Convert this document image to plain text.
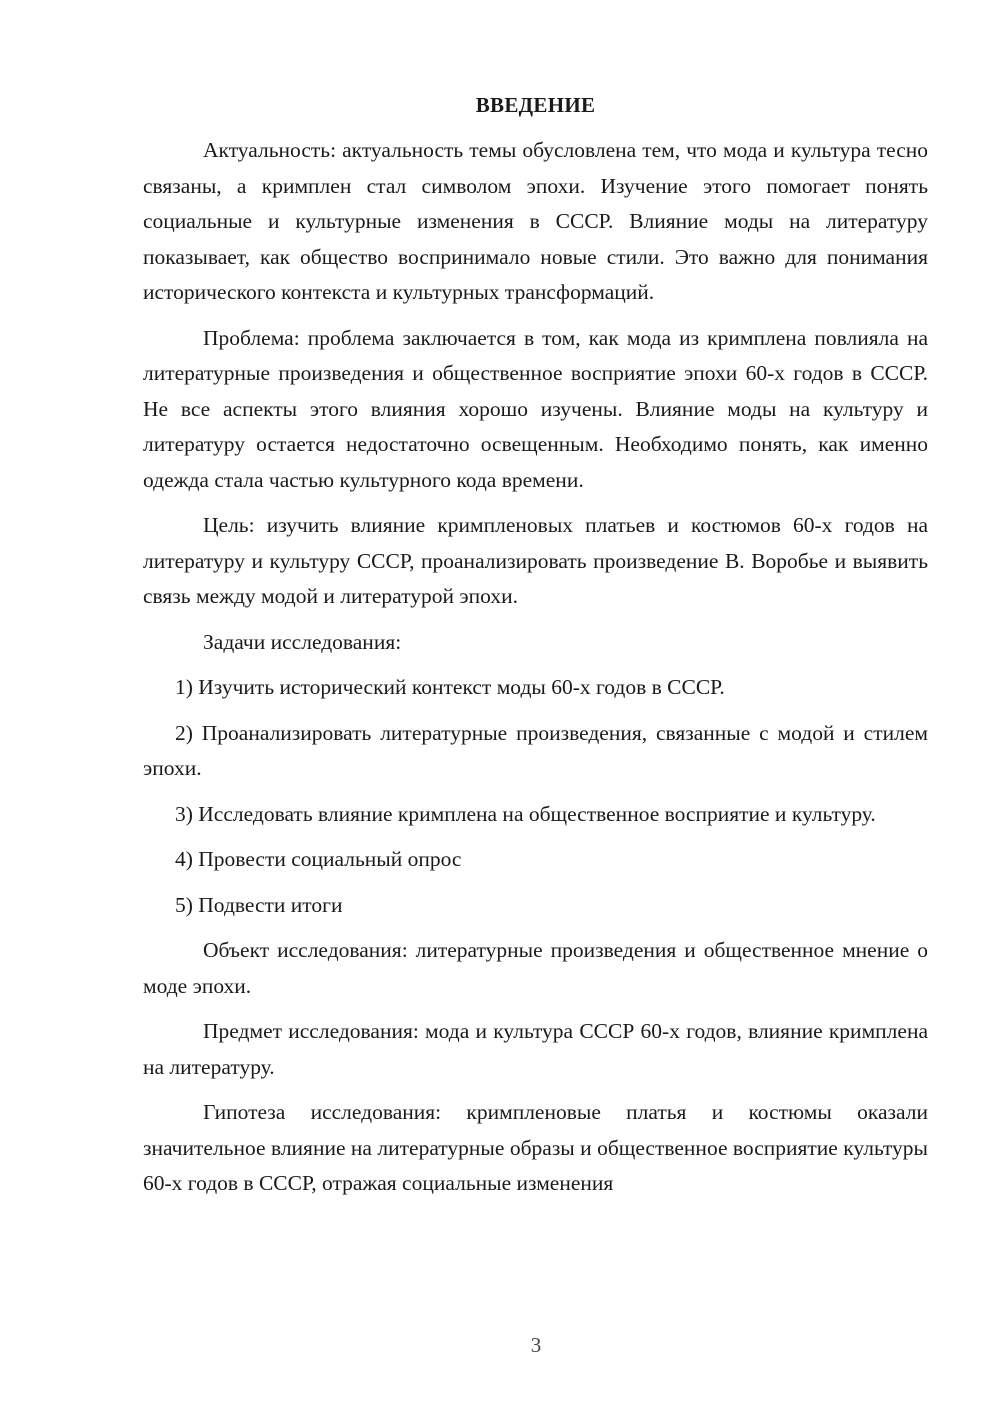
ВВЕДЕНИЕ

Актуальность: актуальность темы обусловлена тем, что мода и культура тесно связаны, а кримплен стал символом эпохи. Изучение этого помогает понять социальные и культурные изменения в СССР. Влияние моды на литературу показывает, как общество воспринимало новые стили. Это важно для понимания исторического контекста и культурных трансформаций.

Проблема: проблема заключается в том, как мода из кримплена повлияла на литературные произведения и общественное восприятие эпохи 60-х годов в СССР. Не все аспекты этого влияния хорошо изучены. Влияние моды на культуру и литературу остается недостаточно освещенным. Необходимо понять, как именно одежда стала частью культурного кода времени.

Цель: изучить влияние кримпленовых платьев и костюмов 60-х годов на литературу и культуру СССР, проанализировать произведение В. Воробье и выявить связь между модой и литературой эпохи.

Задачи исследования:

1) Изучить исторический контекст моды 60-х годов в СССР.

2) Проанализировать литературные произведения, связанные с модой и стилем эпохи.

3) Исследовать влияние кримплена на общественное восприятие и культуру.

4) Провести социальный опрос

5) Подвести итоги

Объект исследования: литературные произведения и общественное мнение о моде эпохи.

Предмет исследования: мода и культура СССР 60-х годов, влияние кримплена на литературу.

Гипотеза исследования: кримпленовые платья и костюмы оказали значительное влияние на литературные образы и общественное восприятие культуры 60-х годов в СССР, отражая социальные изменения

3
